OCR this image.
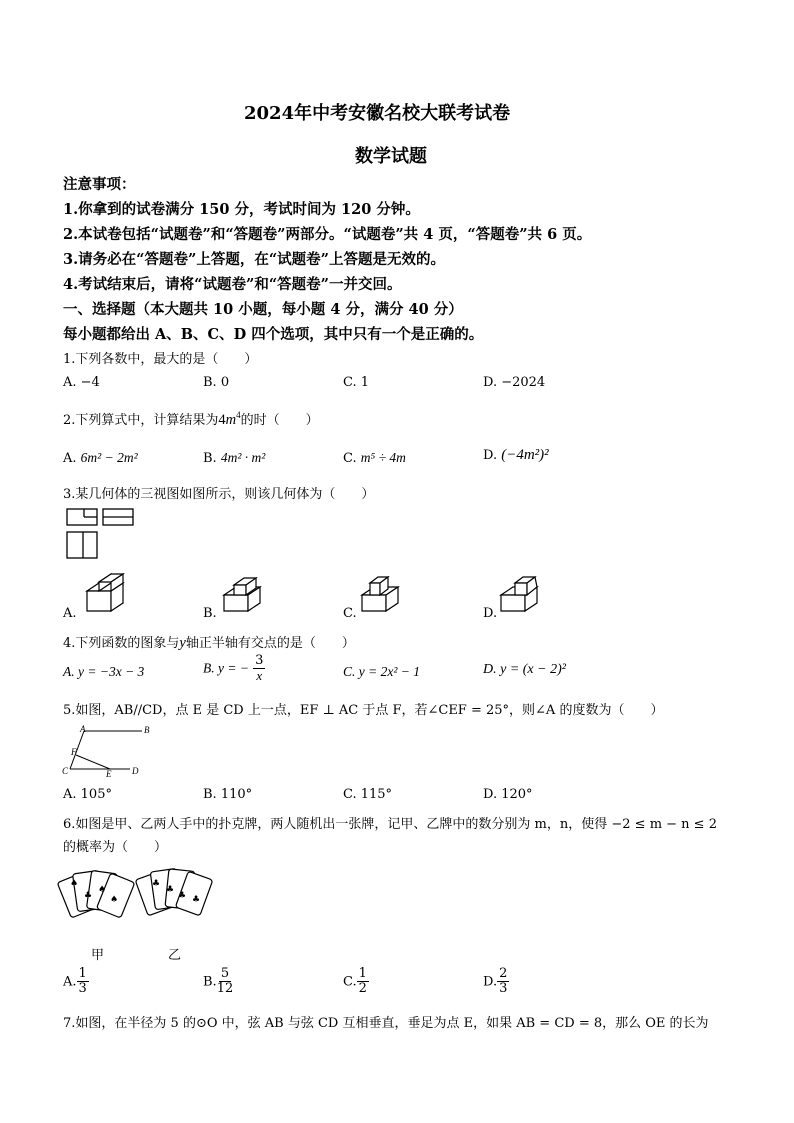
2024年中考安徽名校大联考试卷
数学试题
注意事项：
1.你拿到的试卷满分 150 分，考试时间为 120 分钟。
2.本试卷包括“试题卷”和“答题卷”两部分。“试题卷”共 4 页，“答题卷”共 6 页。
3.请务必在“答题卷”上答题，在“试题卷”上答题是无效的。
4.考试结束后，请将“试题卷”和“答题卷”一并交回。
一、选择题（本大题共 10 小题，每小题 4 分，满分 40 分）
每小题都给出 A、B、C、D 四个选项，其中只有一个是正确的。
1.下列各数中，最大的是（　　）
A. −4	B. 0	C. 1	D. −2024
2.下列算式中，计算结果为$4m^4$的时（　　）
A. 6m² − 2m²	B. 4m² · m²	C. m⁵ ÷ 4m	D. (−4m²)²
3.某几何体的三视图如图所示，则该几何体为（　　）
A.	B.	C.	D.
4.下列函数的图象与y轴正半轴有交点的是（　　）
A. y = −3x − 3	B. y = − $\frac{3}{x}$	C. y = 2x² − 1	D. y = (x − 2)²
5.如图，AB//CD，点 E 是 CD 上一点，EF ⊥ AC 于点 F，若∠CEF = 25°，则∠A 的度数为（　　）
A	B
F
C	E D
A. 105°	B. 110°	C. 115°	D. 120°
6.如图是甲、乙两人手中的扑克牌，两人随机出一张牌，记甲、乙牌中的数分别为 m，n，使得 −2 ≤ m − n ≤ 2
的概率为（　　）
♠
♣
♠
♠
♣
♣
♣ ♣
甲	乙
A. $\frac{1}{3}$	B. $\frac{5}{12}$	C. $\frac{1}{2}$	D. $\frac{2}{3}$
7.如图，在半径为 5 的⊙O 中，弦 AB 与弦 CD 互相垂直，垂足为点 E，如果 AB = CD = 8，那么 OE 的长为
